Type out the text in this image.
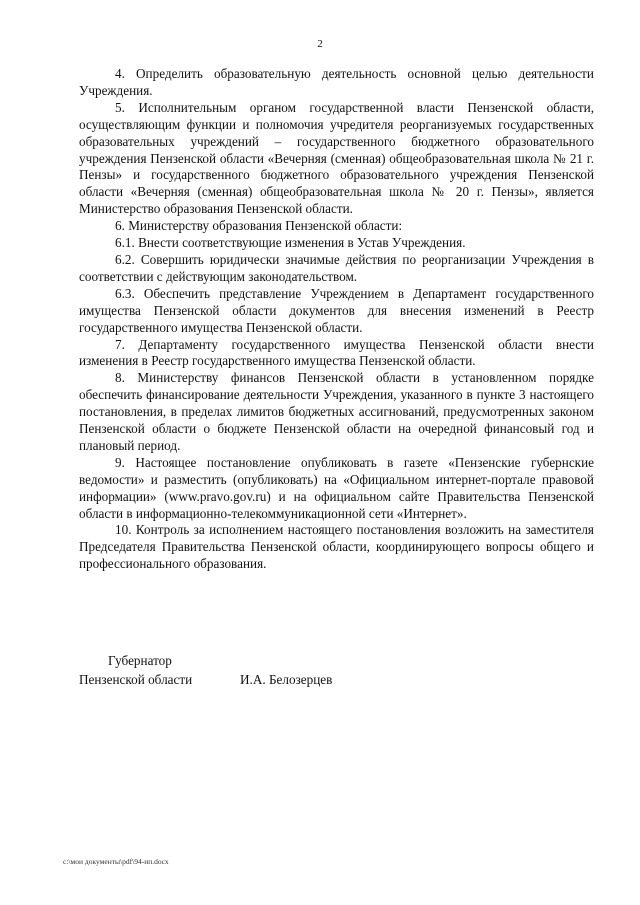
2

4. Определить образовательную деятельность основной целью деятельности Учреждения.

5. Исполнительным органом государственной власти Пензенской области, осуществляющим функции и полномочия учредителя реорганизуемых государственных образовательных учреждений – государственного бюджетного образовательного учреждения Пензенской области «Вечерняя (сменная) общеобразовательная школа № 21 г. Пензы» и государственного бюджетного образовательного учреждения Пензенской области «Вечерняя (сменная) общеобразовательная школа № 20 г. Пензы», является Министерство образования Пензенской области.

6. Министерству образования Пензенской области:

6.1. Внести соответствующие изменения в Устав Учреждения.

6.2. Совершить юридически значимые действия по реорганизации Учреждения в соответствии с действующим законодательством.

6.3. Обеспечить представление Учреждением в Департамент государственного имущества Пензенской области документов для внесения изменений в Реестр государственного имущества Пензенской области.

7. Департаменту государственного имущества Пензенской области внести изменения в Реестр государственного имущества Пензенской области.

8. Министерству финансов Пензенской области в установленном порядке обеспечить финансирование деятельности Учреждения, указанного в пункте 3 настоящего постановления, в пределах лимитов бюджетных ассигнований, предусмотренных законом Пензенской области о бюджете Пензенской области на очередной финансовый год и плановый период.

9. Настоящее постановление опубликовать в газете «Пензенские губернские ведомости» и разместить (опубликовать) на «Официальном интернет-портале правовой информации» (www.pravo.gov.ru) и на официальном сайте Правительства Пензенской области в информационно-телекоммуникационной сети «Интернет».

10. Контроль за исполнением настоящего постановления возложить на заместителя Председателя Правительства Пензенской области, координирующего вопросы общего и профессионального образования.

Губернатор
Пензенской области	И.А. Белозерцев
c:\мои документы\pdf\94-ип.docx
